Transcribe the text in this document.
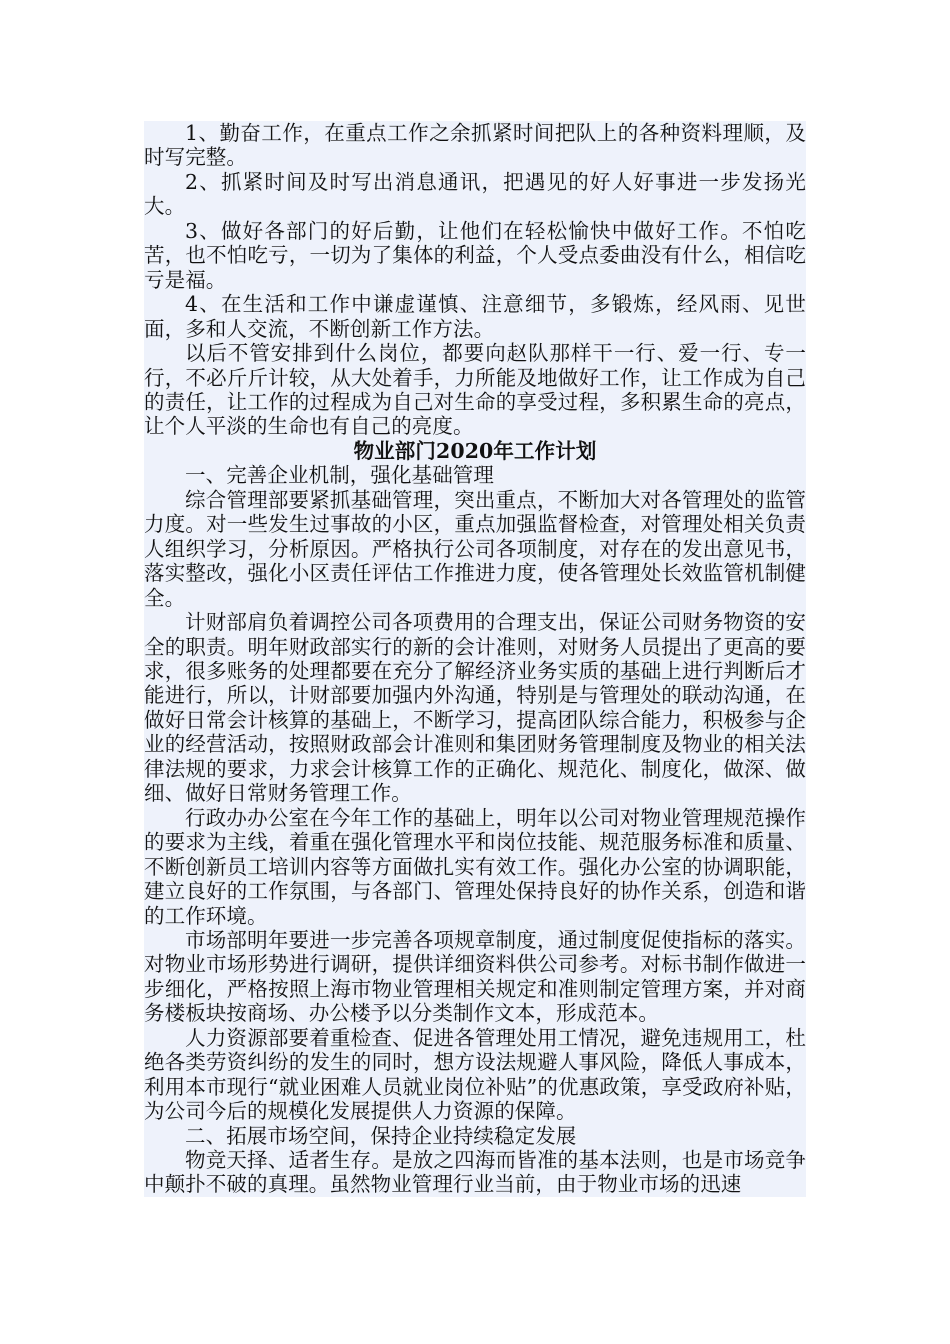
1、勤奋工作，在重点工作之余抓紧时间把队上的各种资料理顺，及时写完整。

2、抓紧时间及时写出消息通讯，把遇见的好人好事进一步发扬光大。

3、做好各部门的好后勤，让他们在轻松愉快中做好工作。不怕吃苦，也不怕吃亏，一切为了集体的利益，个人受点委曲没有什么，相信吃亏是福。

4、在生活和工作中谦虚谨慎、注意细节，多锻炼，经风雨、见世面，多和人交流，不断创新工作方法。

以后不管安排到什么岗位，都要向赵队那样干一行、爱一行、专一行，不必斤斤计较，从大处着手，力所能及地做好工作，让工作成为自己的责任，让工作的过程成为自己对生命的享受过程，多积累生命的亮点，让个人平淡的生命也有自己的亮度。

物业部门2020年工作计划

一、完善企业机制，强化基础管理

综合管理部要紧抓基础管理，突出重点，不断加大对各管理处的监管力度。对一些发生过事故的小区，重点加强监督检查，对管理处相关负责人组织学习，分析原因。严格执行公司各项制度，对存在的发出意见书，落实整改，强化小区责任评估工作推进力度，使各管理处长效监管机制健全。

计财部肩负着调控公司各项费用的合理支出，保证公司财务物资的安全的职责。明年财政部实行的新的会计准则，对财务人员提出了更高的要求，很多账务的处理都要在充分了解经济业务实质的基础上进行判断后才能进行，所以，计财部要加强内外沟通，特别是与管理处的联动沟通，在做好日常会计核算的基础上，不断学习，提高团队综合能力，积极参与企业的经营活动，按照财政部会计准则和集团财务管理制度及物业的相关法律法规的要求，力求会计核算工作的正确化、规范化、制度化，做深、做细、做好日常财务管理工作。

行政办办公室在今年工作的基础上，明年以公司对物业管理规范操作的要求为主线，着重在强化管理水平和岗位技能、规范服务标准和质量、不断创新员工培训内容等方面做扎实有效工作。强化办公室的协调职能，建立良好的工作氛围，与各部门、管理处保持良好的协作关系，创造和谐的工作环境。

市场部明年要进一步完善各项规章制度，通过制度促使指标的落实。对物业市场形势进行调研，提供详细资料供公司参考。对标书制作做进一步细化，严格按照上海市物业管理相关规定和准则制定管理方案，并对商务楼板块按商场、办公楼予以分类制作文本，形成范本。

人力资源部要着重检查、促进各管理处用工情况，避免违规用工，杜绝各类劳资纠纷的发生的同时，想方设法规避人事风险，降低人事成本，利用本市现行“就业困难人员就业岗位补贴”的优惠政策，享受政府补贴，为公司今后的规模化发展提供人力资源的保障。

二、拓展市场空间，保持企业持续稳定发展

物竞天择、适者生存。是放之四海而皆准的基本法则，也是市场竞争中颠扑不破的真理。虽然物业管理行业当前，由于物业市场的迅速
